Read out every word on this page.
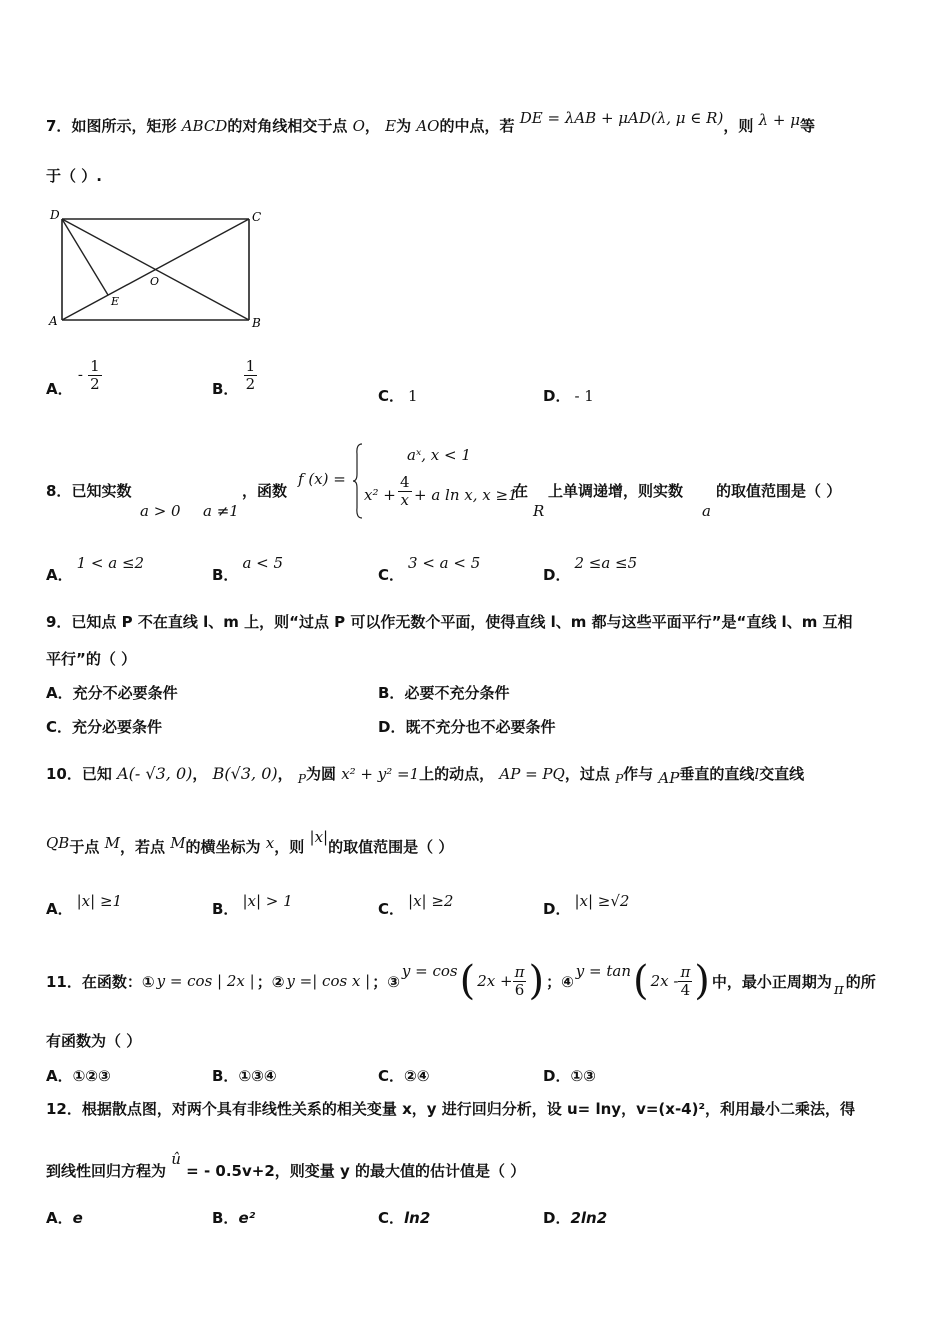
7．如图所示，矩形 ABCD的对角线相交于点 O， E为 AO的中点，若 DE = λAB + μAD(λ, μ ∈ R)，则 λ + μ等
于（ ）.
D	C
A	B
O
E
A． - $\frac{1}{2}$	B． $\frac{1}{2}$
C． 1	D． - 1
8．已知实数
a > 0 a ≠1
，函数
f (x) =
aˣ, x < 1
$x^2 + \frac{4}{x} + a$ ln x, x ≥1
在
R
上单调递增，则实数
a
的取值范围是（ ）
A．1 < a ≤2
B．a < 5
C．3 < a < 5
D．2 ≤a ≤5
9．已知点 P 不在直线 l、m 上，则“过点 P 可以作无数个平面，使得直线 l、m 都与这些平面平行”是“直线 l、m 互相
平行”的（ ）
A．充分不必要条件	B．必要不充分条件
C．充分必要条件	D．既不充分也不必要条件
10．已知 A(- √3, 0)， B(√3, 0)， $_P$为圆 x² + y² =1上的动点， AP = PQ，过点 $_P$作与 AP垂直的直线l交直线
QB于点 M，若点 M的横坐标为 x，则 |x|的取值范围是（ ）
A． |x| ≥1	B． |x| > 1	C． |x| ≥2	D． |x| ≥√2
11． 在函数：① y = cos | 2x | ；② y =| cos x | ；③
y = cos ( $2x + \frac{\pi}{6}$ ) ；④
y = tan ( $2x - \frac{\pi}{4}$ ) 中，最小正周期为 π 的所
有函数为（ ）
A．①②③	B．①③④	C．②④	D．①③
12．根据散点图，对两个具有非线性关系的相关变量 x，y 进行回归分析，设 u= lny，v=(x-4)²，利用最小二乘法，得
到线性回归方程为 û = - 0.5v+2，则变量 y 的最大值的估计值是（ ）
A．e	B．e²	C．ln2	D．2ln2
